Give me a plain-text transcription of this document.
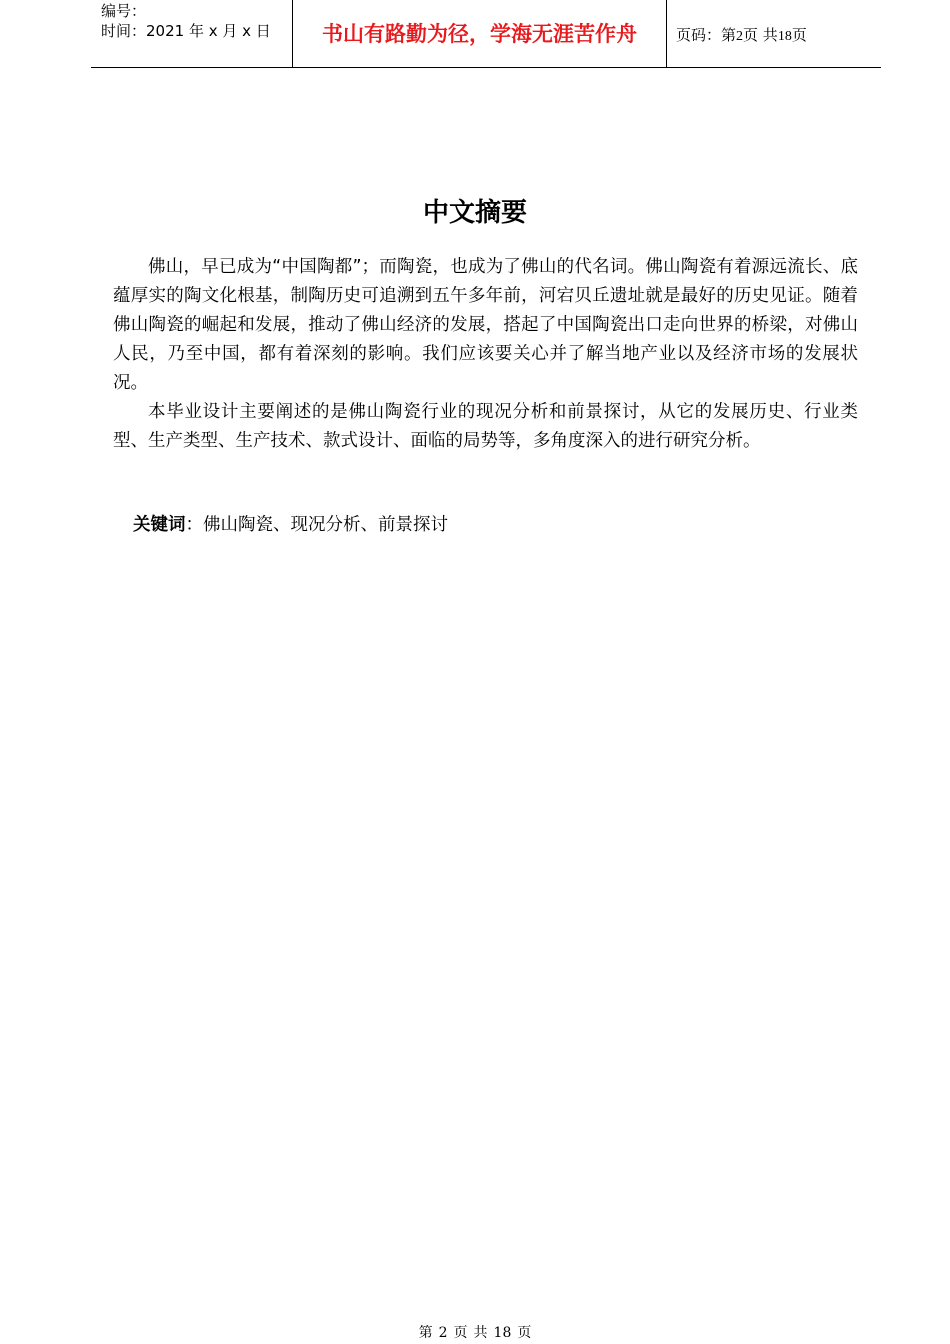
编号：
时间：2021 年 x 月 x 日	书山有路勤为径，学海无涯苦作舟	页码：第2页 共18页
中文摘要

佛山，早已成为“中国陶都”；而陶瓷，也成为了佛山的代名词。佛山陶瓷有着源远流长、底蕴厚实的陶文化根基，制陶历史可追溯到五午多年前，河宕贝丘遗址就是最好的历史见证。随着佛山陶瓷的崛起和发展，推动了佛山经济的发展，搭起了中国陶瓷出口走向世界的桥梁，对佛山人民，乃至中国，都有着深刻的影响。我们应该要关心并了解当地产业以及经济市场的发展状况。

本毕业设计主要阐述的是佛山陶瓷行业的现况分析和前景探讨，从它的发展历史、行业类型、生产类型、生产技术、款式设计、面临的局势等，多角度深入的进行研究分析。

关键词：佛山陶瓷、现况分析、前景探讨
第 2 页 共 18 页
